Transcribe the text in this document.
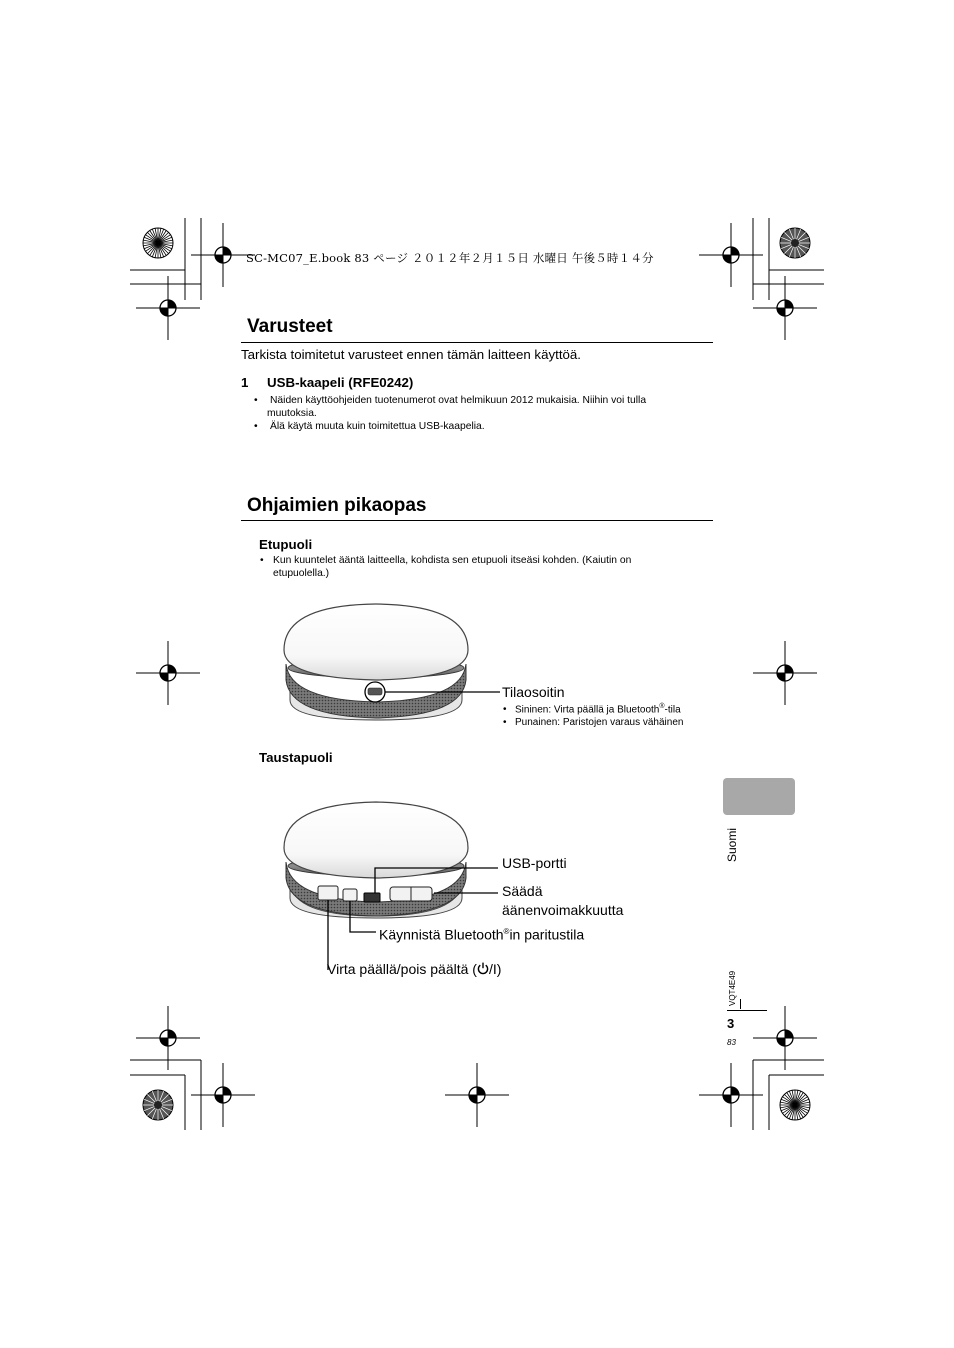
SC-MC07_E.book 83 ページ ２０１２年２月１５日 水曜日 午後５時１４分
Varusteet
Tarkista toimitetut varusteet ennen tämän laitteen käyttöä.
1 USB-kaapeli (RFE0242)
• Näiden käyttöohjeiden tuotenumerot ovat helmikuun 2012 mukaisia. Niihin voi tulla
muutoksia.
• Älä käytä muuta kuin toimitettua USB-kaapelia.
Ohjaimien pikaopas
Etupuoli
• Kun kuuntelet ääntä laitteella, kohdista sen etupuoli itseäsi kohden. (Kaiutin on
etupuolella.)
Tilaosoitin
• Sininen: Virta päällä ja Bluetooth®-tila
• Punainen: Paristojen varaus vähäinen
Taustapuoli
USB-portti
Säädä
äänenvoimakkuutta
Käynnistä Bluetooth®in paritustila
Virta päällä/pois päältä ( /I)
Suomi
VQT4E49
3
83
